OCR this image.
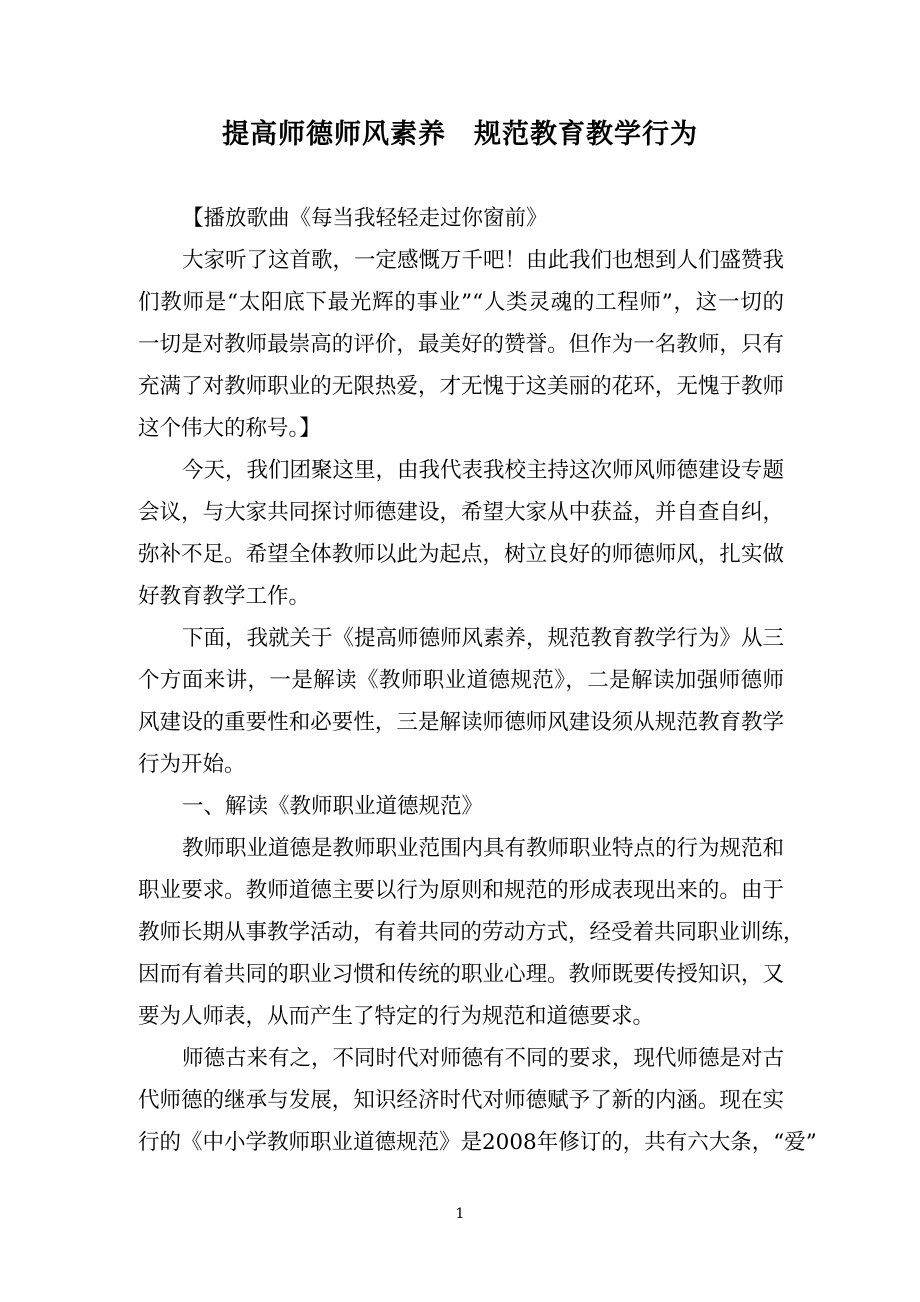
提高师德师风素养　规范教育教学行为
【播放歌曲《每当我轻轻走过你窗前》
大家听了这首歌，一定感慨万千吧！由此我们也想到人们盛赞我
们教师是“太阳底下最光辉的事业”“人类灵魂的工程师”，这一切的
一切是对教师最崇高的评价，最美好的赞誉。但作为一名教师，只有
充满了对教师职业的无限热爱，才无愧于这美丽的花环，无愧于教师
这个伟大的称号。】
今天，我们团聚这里，由我代表我校主持这次师风师德建设专题
会议，与大家共同探讨师德建设，希望大家从中获益，并自查自纠，
弥补不足。希望全体教师以此为起点，树立良好的师德师风，扎实做
好教育教学工作。
下面，我就关于《提高师德师风素养，规范教育教学行为》从三
个方面来讲，一是解读《教师职业道德规范》，二是解读加强师德师
风建设的重要性和必要性，三是解读师德师风建设须从规范教育教学
行为开始。
一、解读《教师职业道德规范》
教师职业道德是教师职业范围内具有教师职业特点的行为规范和
职业要求。教师道德主要以行为原则和规范的形成表现出来的。由于
教师长期从事教学活动，有着共同的劳动方式，经受着共同职业训练，
因而有着共同的职业习惯和传统的职业心理。教师既要传授知识，又
要为人师表，从而产生了特定的行为规范和道德要求。
师德古来有之，不同时代对师德有不同的要求，现代师德是对古
代师德的继承与发展，知识经济时代对师德赋予了新的内涵。现在实
行的《中小学教师职业道德规范》是2008年修订的，共有六大条，“爱”
1
